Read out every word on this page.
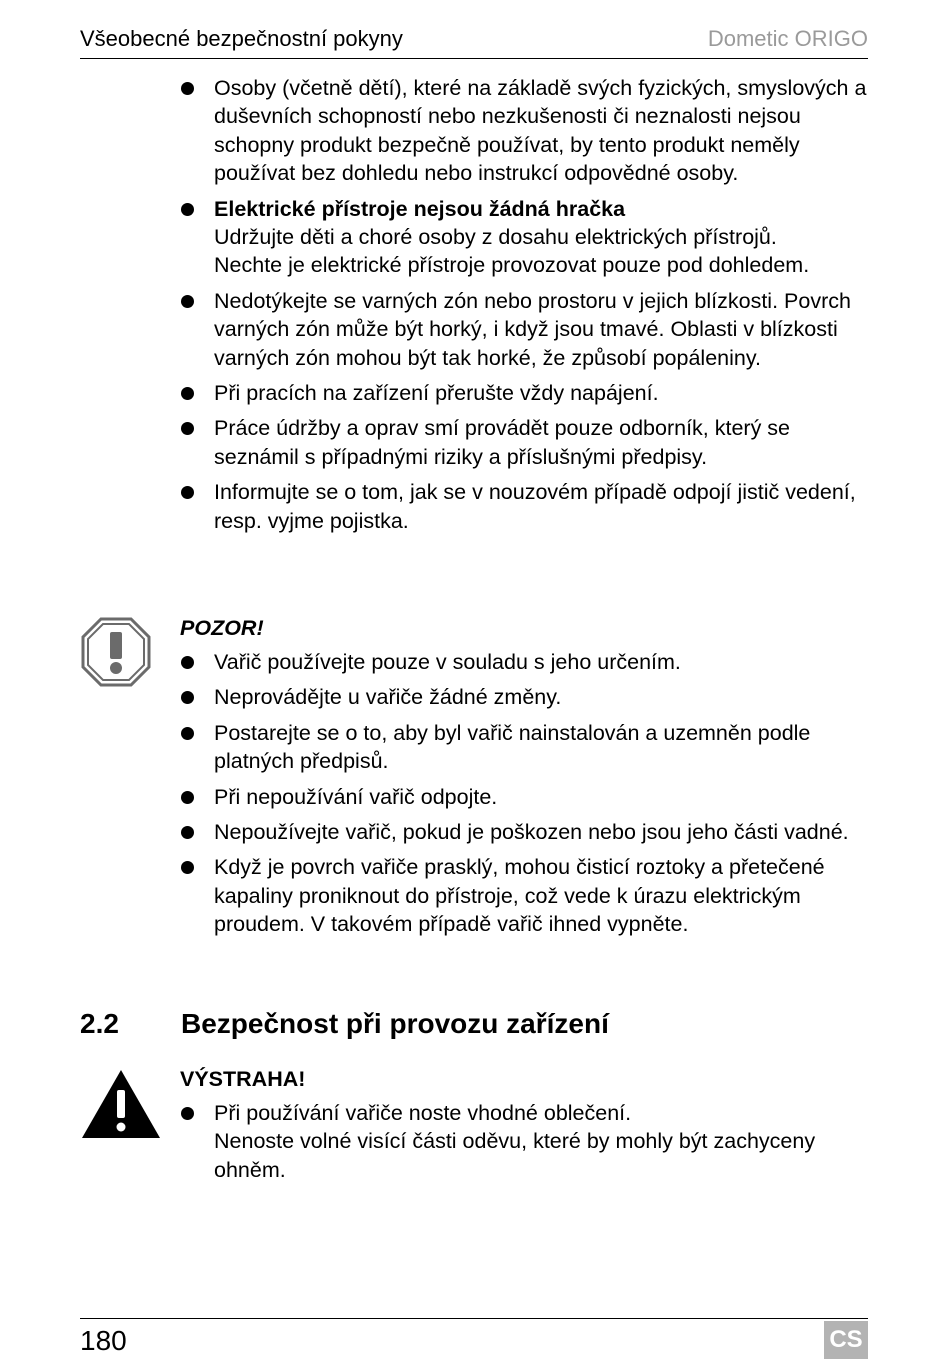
Všeobecné bezpečnostní pokyny	Dometic ORIGO
Osoby (včetně dětí), které na základě svých fyzických, smyslových a duševních schopností nebo nezkušenosti či neznalosti nejsou schopny produkt bezpečně používat, by tento produkt neměly používat bez dohledu nebo instrukcí odpovědné osoby.
Elektrické přístroje nejsou žádná hračka
Udržujte děti a choré osoby z dosahu elektrických přístrojů.
Nechte je elektrické přístroje provozovat pouze pod dohledem.
Nedotýkejte se varných zón nebo prostoru v jejich blízkosti. Povrch varných zón může být horký, i když jsou tmavé. Oblasti v blízkosti varných zón mohou být tak horké, že způsobí popáleniny.
Při pracích na zařízení přerušte vždy napájení.
Práce údržby a oprav smí provádět pouze odborník, který se seznámil s případnými riziky a příslušnými předpisy.
Informujte se o tom, jak se v nouzovém případě odpojí jistič vedení, resp. vyjme pojistka.
POZOR!
Vařič používejte pouze v souladu s jeho určením.
Neprovádějte u vařiče žádné změny.
Postarejte se o to, aby byl vařič nainstalován a uzemněn podle platných předpisů.
Při nepoužívání vařič odpojte.
Nepoužívejte vařič, pokud je poškozen nebo jsou jeho části vadné.
Když je povrch vařiče prasklý, mohou čisticí roztoky a přetečené kapaliny proniknout do přístroje, což vede k úrazu elektrickým proudem. V takovém případě vařič ihned vypněte.
2.2 Bezpečnost při provozu zařízení
VÝSTRAHA!
Při používání vařiče noste vhodné oblečení.
Nenoste volné visící části oděvu, které by mohly být zachyceny ohněm.
180	CS
